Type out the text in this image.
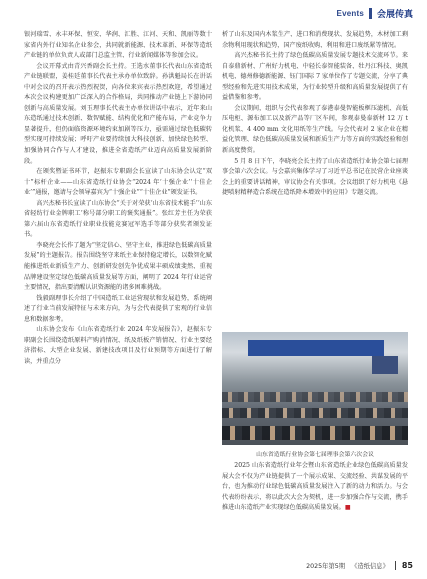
Events 会展传真

银河瑞雪、永丰环保、恒安、华润、汇胜、江河、天和、凯丽等数十家省内外行业知名企业参会，共同就新能源、技术革新、环保等造纸产业链的单位负责人或部门总监主管、行业新闻媒体等参加会议。

会议开幕式由青兴香副会长主持。王选水董事长代表山东省造纸产业链联盟，姜桂廷董事长代表主承办单位致辞。孙洪魁局长在讲话中对会议的召开表示热烈祝贺，向各位来宾表示热烈欢迎，希望通过本次会议构建更加广泛深入的合作格局，共同推动产业链上下游协同创新与高质量发展。刘玉理事长代表主办单位讲话中表示，近年来山东造纸通过技术创新、数智赋能、结构优化和产能布局，产业竞争力显著提升，但仍面临资源环境约束加剧等压力，亟需通过绿色低碳转型实现可持续发展；呼吁产业要持续加大科技创新、加快绿色转型、加强协同合作与人才建设，推进全省造纸产业迈向高质量发展新阶段。

在颁奖暨证书环节，赵振东专职副会长宣读了山东协会认定“双十”标杆企业——山东省造纸行业协会“2024 年‘十强企业’‘十佳企业’”通报，邀请与会领导嘉宾为“十强企业”“十佳企业”颁发证书。

高兴杰秘书长宣读了山东协会“关于对荣获‘山东省技术能手’‘山东省轻纺行业金牌职工’称号部分职工的褒奖通报”。张红芳主任为荣获第六届山东省造纸行业职业技能竞赛冠军选手等部分获奖者颁发证书。

李晓亮会长作了题为“坚定信心、坚守主业，推进绿色低碳高质量发展”的主题报告。报告围绕坚守来纸主业保持稳定增长，以数智化赋能推进纸业新质生产力、创新研发创先争优成果丰硕成绩斐然、重视品牌建设坚定绿色低碳高质量发展等方面，阐明了 2024 年行业运营主要情况，指出要清醒认识资源能的诸多困难挑战。

钱毅副理事长介绍了中国造纸工业运营现状和发展趋势，系统阐述了行业当前发展特征与未来方向，为与会代表提供了宏观的行业信息和数据参考。

山东协会发布《山东省造纸行业 2024 年发展报告》，赵振东专职副会长围绕造纸原料产购消情况、纸及纸板产销情况、行业主要经济指标、大型企业发展、新建技改项目及行业预期等方面进行了解读，并重点分

析了山东及国内木浆生产、进口和消费现状、发展趋势，木材加工剩余物利用现状和趋势，国产废纸收购、利用和进口废纸紧等情况。

高兴杰秘书长主持了绿色低碳高质量发展专题技术交流环节。来自泰鼎新材、广州好力机电、中轻长泰智能装备、牡丹江科技、奥凯机电、德州修德新能源、钰门国际 7 家单位作了专题交流，分享了典型经验和先进实用技术成果，为行业转型升级和高质量发展提供了有益借鉴和参考。

会议期间，组织与会代表参观了泰港泰曼智能板框压滤机、高低压电柜、源布加工以及新产品等厂区车间，参观泰曼泰新材 12 万 t 化机浆、4 400 mm 文化用纸等生产线。与会代表对 2 家企业在精益化管理、绿色低碳高质量发展和新质生产力等方面的实践经验和创新高度赞赏。

5 月 8 日下午，李晓亮会长主持了山东省造纸行业协会第七届理事会第六次会议。与会嘉宾集体学习了习近平总书记在民营企业座谈会上的重要讲话精神，审议协会有关事项。会议组织了好力机电《悬捷喷射精释造合系统在造纸降本增效中的应用》专题交流。

山东省造纸行业协会第七届理事会第六次会议

2025 山东省造纸行业年会暨山东省造纸企业绿色低碳高质量发展大会不仅为产业链提供了一个展示成果、交流经验、共谋发展的平台，也为推动行业绿色低碳高质量发展注入了新的动力和活力。与会代表纷纷表示，将以此次大会为契机，进一步加强合作与交流，携手推进山东造纸产业实现绿色低碳高质量发展。■

2025年第5期 《造纸信息》 85
